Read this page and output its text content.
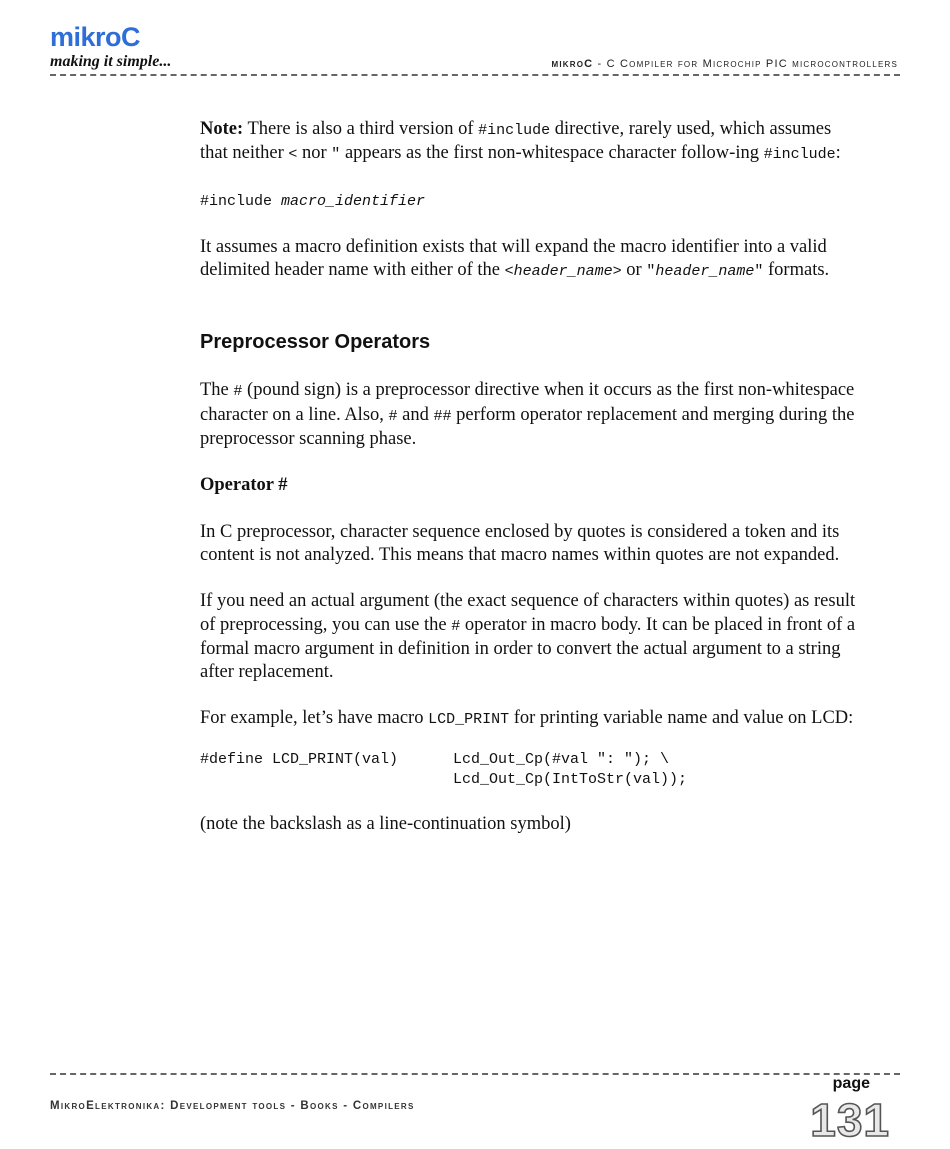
mikroC
making it simple...	mikroC - C Compiler for Microchip PIC microcontrollers

Note: There is also a third version of #include directive, rarely used, which assumes that neither < nor " appears as the first non-whitespace character follow-ing #include:

#include macro_identifier

It assumes a macro definition exists that will expand the macro identifier into a valid delimited header name with either of the <header_name> or "header_name" formats.

Preprocessor Operators

The # (pound sign) is a preprocessor directive when it occurs as the first non-whitespace character on a line. Also, # and ## perform operator replacement and merging during the preprocessor scanning phase.

Operator #

In C preprocessor, character sequence enclosed by quotes is considered a token and its content is not analyzed. This means that macro names within quotes are not expanded.

If you need an actual argument (the exact sequence of characters within quotes) as result of preprocessing, you can use the # operator in macro body. It can be placed in front of a formal macro argument in definition in order to convert the actual argument to a string after replacement.

For example, let’s have macro LCD_PRINT for printing variable name and value on LCD:

#define LCD_PRINT(val)	Lcd_Out_Cp(#val ": "); \
	Lcd_Out_Cp(IntToStr(val));

(note the backslash as a line-continuation symbol)

MikroElektronika: Development tools - Books - Compilers
page
131
